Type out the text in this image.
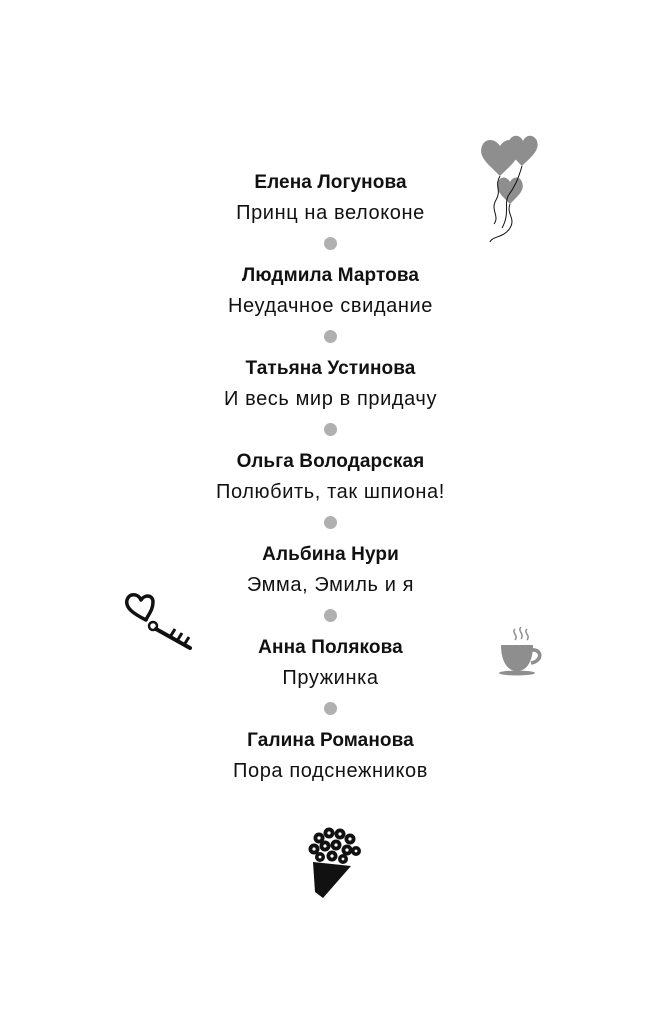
Елена Логунова
Принц на велоконе
Людмила Мартова
Неудачное свидание
Татьяна Устинова
И весь мир в придачу
Ольга Володарская
Полюбить, так шпиона!
Альбина Нури
Эмма, Эмиль и я
Анна Полякова
Пружинка
Галина Романова
Пора подснежников
